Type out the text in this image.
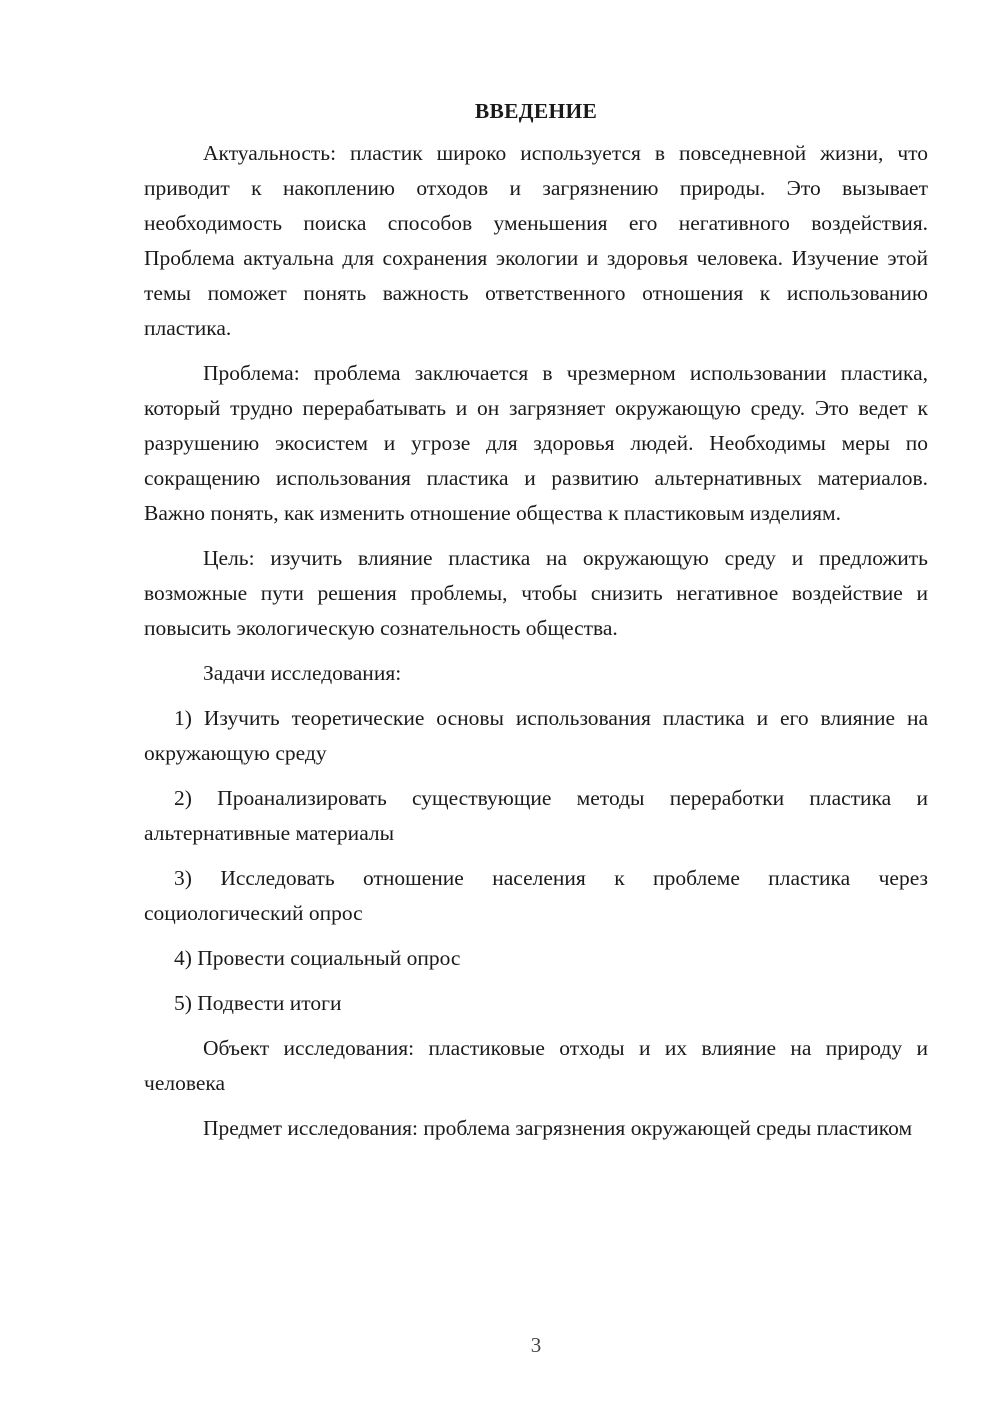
ВВЕДЕНИЕ

Актуальность: пластик широко используется в повседневной жизни, что приводит к накоплению отходов и загрязнению природы. Это вызывает необходимость поиска способов уменьшения его негативного воздействия. Проблема актуальна для сохранения экологии и здоровья человека. Изучение этой темы поможет понять важность ответственного отношения к использованию пластика.

Проблема: проблема заключается в чрезмерном использовании пластика, который трудно перерабатывать и он загрязняет окружающую среду. Это ведет к разрушению экосистем и угрозе для здоровья людей. Необходимы меры по сокращению использования пластика и развитию альтернативных материалов. Важно понять, как изменить отношение общества к пластиковым изделиям.

Цель: изучить влияние пластика на окружающую среду и предложить возможные пути решения проблемы, чтобы снизить негативное воздействие и повысить экологическую сознательность общества.

Задачи исследования:

1) Изучить теоретические основы использования пластика и его влияние на окружающую среду

2) Проанализировать существующие методы переработки пластика и альтернативные материалы

3) Исследовать отношение населения к проблеме пластика через социологический опрос

4) Провести социальный опрос

5) Подвести итоги

Объект исследования: пластиковые отходы и их влияние на природу и человека

Предмет исследования: проблема загрязнения окружающей среды пластиком

3
